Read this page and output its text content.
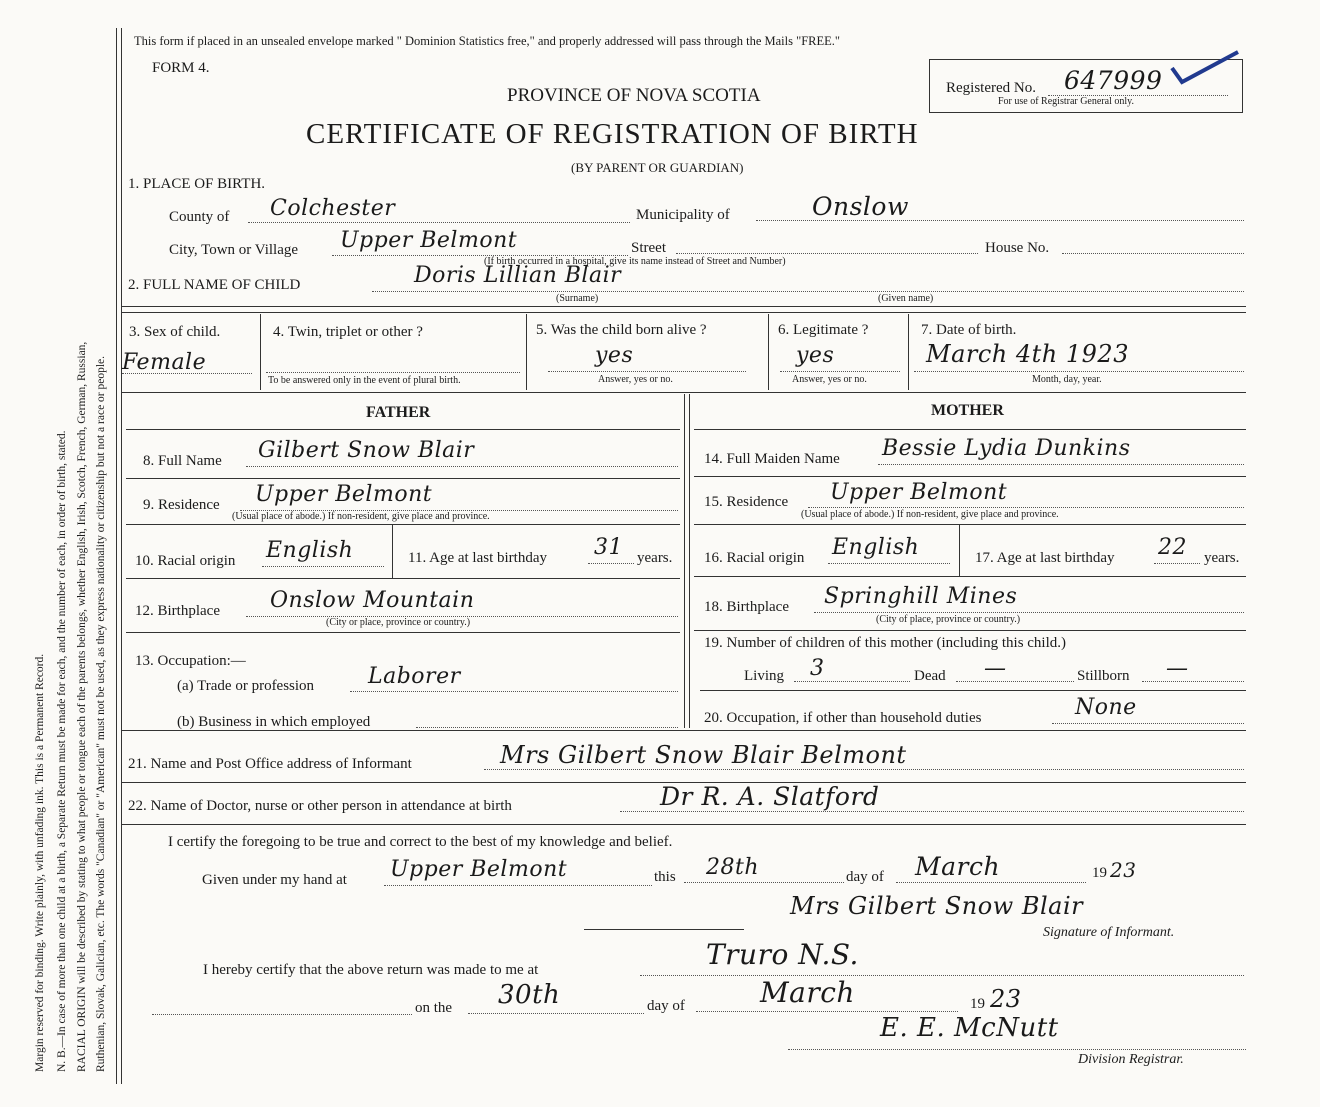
Margin reserved for binding. Write plainly, with unfading ink. This is a Permanent Record. N. B.—In case of more than one child at a birth, a Separate Return must be made for each, and the number of each, in order of birth, stated. RACIAL ORIGIN will be described by stating to what people or tongue each of the parents belongs, whether English, Irish, Scotch, French, German, Russian, Ruthenian, Slovak, Galician, etc. The words "Canadian" or "American" must not be used, as they express nationality or citizenship but not a race or people.
This form if placed in an unsealed envelope marked " Dominion Statistics free," and properly addressed will pass through the Mails "FREE."
FORM 4.
PROVINCE OF NOVA SCOTIA
CERTIFICATE OF REGISTRATION OF BIRTH
(BY PARENT OR GUARDIAN)
Registered No. 647999
For use of Registrar General only.
1. PLACE OF BIRTH.
County of Colchester	Municipality of	Onslow
City, Town or Village Upper Belmont	Street	House No.
(If birth occurred in a hospital, give its name instead of Street and Number)
2. FULL NAME OF CHILD	Doris Lillian Blair
(Surname)	(Given name)
3. Sex of child.
Female
4. Twin, triplet or other ?
To be answered only in the event of plural birth.
5. Was the child born alive ?
yes
Answer, yes or no.
6. Legitimate ?
yes
Answer, yes or no.
7. Date of birth.
March 4th 1923
Month, day, year.
FATHER
8. Full Name Gilbert Snow Blair
9. Residence Upper Belmont
(Usual place of abode.) If non-resident, give place and province.
10. Racial origin English	11. Age at last birthday 31 years.
12. Birthplace Onslow Mountain
(City or place, province or country.)
13. Occupation:—
(a) Trade or profession Laborer
(b) Business in which employed
MOTHER
14. Full Maiden Name Bessie Lydia Dunkins
15. Residence Upper Belmont
(Usual place of abode.) If non-resident, give place and province.
16. Racial origin English	17. Age at last birthday 22 years.
18. Birthplace Springhill Mines
(City of place, province or country.)
19. Number of children of this mother (including this child.)
Living 3	Dead —	Stillborn —
20. Occupation, if other than household duties	None
21. Name and Post Office address of Informant	Mrs Gilbert Snow Blair Belmont
22. Name of Doctor, nurse or other person in attendance at birth	Dr R. A. Slatford
I certify the foregoing to be true and correct to the best of my knowledge and belief.
Given under my hand at Upper Belmont	this 28th	day of March	19 23
Mrs Gilbert Snow Blair
Signature of Informant.
I hereby certify that the above return was made to me at	Truro N.S.
on the 30th	day of	March	19 23
E. E. McNutt
Division Registrar.
